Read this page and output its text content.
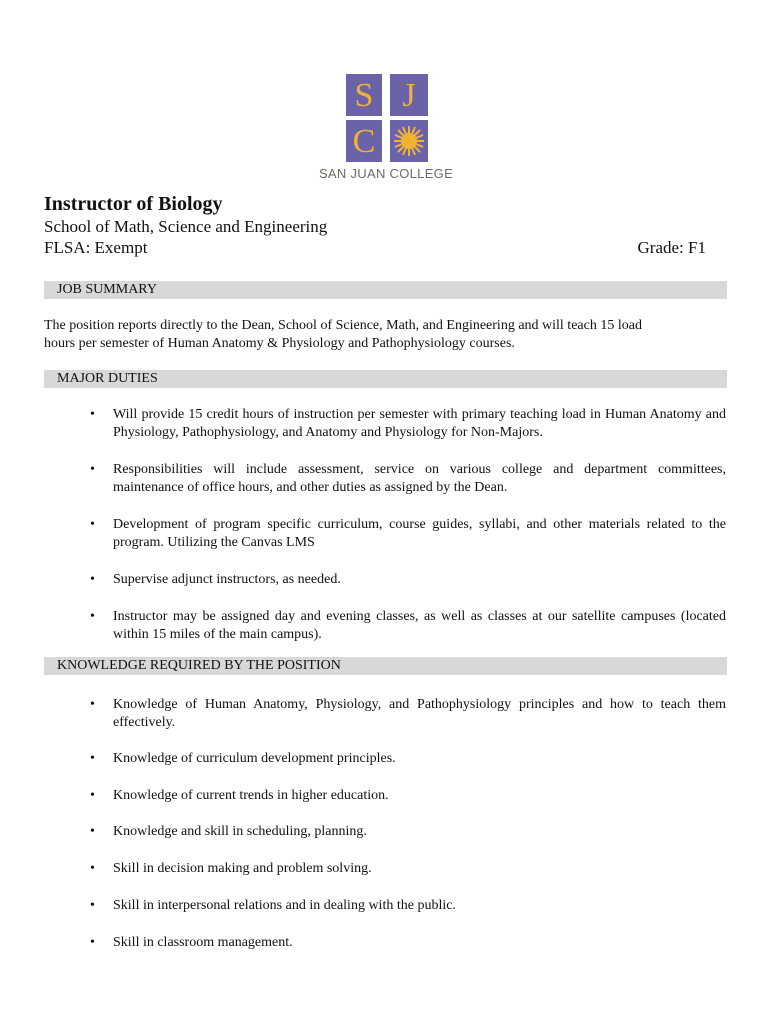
S J
C
SAN JUAN COLLEGE
Instructor of Biology
School of Math, Science and Engineering
FLSA: Exempt	Grade: F1
JOB SUMMARY
The position reports directly to the Dean, School of Science, Math, and Engineering and will teach 15 load
hours per semester of Human Anatomy & Physiology and Pathophysiology courses.
MAJOR DUTIES
• Will provide 15 credit hours of instruction per semester with primary teaching load in Human Anatomy and Physiology, Pathophysiology, and Anatomy and Physiology for Non-Majors.
• Responsibilities will include assessment, service on various college and department committees, maintenance of office hours, and other duties as assigned by the Dean.
• Development of program specific curriculum, course guides, syllabi, and other materials related to the program. Utilizing the Canvas LMS
• Supervise adjunct instructors, as needed.
• Instructor may be assigned day and evening classes, as well as classes at our satellite campuses (located within 15 miles of the main campus).
KNOWLEDGE REQUIRED BY THE POSITION
• Knowledge of Human Anatomy, Physiology, and Pathophysiology principles and how to teach them effectively.
• Knowledge of curriculum development principles.
• Knowledge of current trends in higher education.
• Knowledge and skill in scheduling, planning.
• Skill in decision making and problem solving.
• Skill in interpersonal relations and in dealing with the public.
• Skill in classroom management.
